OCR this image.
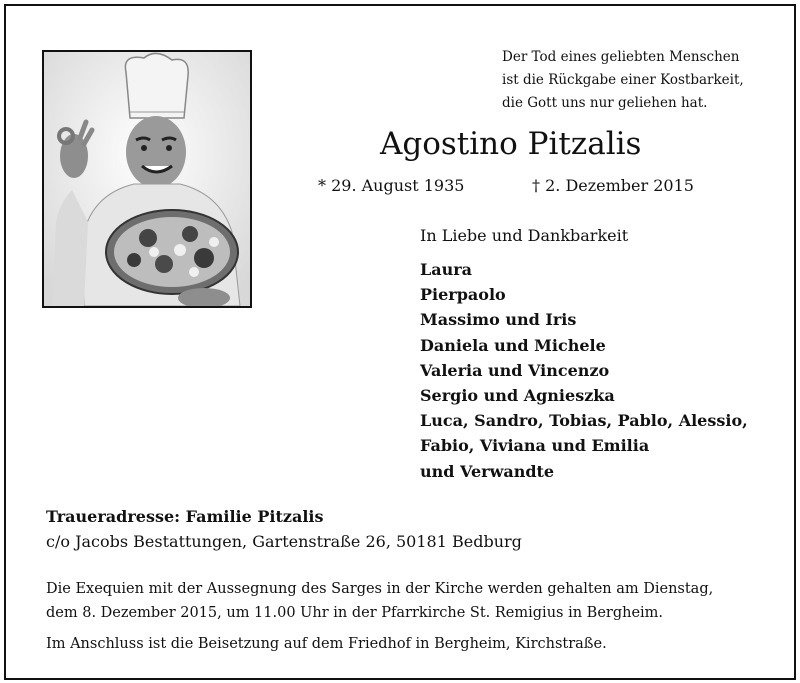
Der Tod eines geliebten Menschen
ist die Rückgabe einer Kostbarkeit,
die Gott uns nur geliehen hat.
Agostino Pitzalis
* 29. August 1935	† 2. Dezember 2015
In Liebe und Dankbarkeit
Laura
Pierpaolo
Massimo und Iris
Daniela und Michele
Valeria und Vincenzo
Sergio und Agnieszka
Luca, Sandro, Tobias, Pablo, Alessio,
Fabio, Viviana und Emilia
und Verwandte
Traueradresse: Familie Pitzalis
c/o Jacobs Bestattungen, Gartenstraße 26, 50181 Bedburg
Die Exequien mit der Aussegnung des Sarges in der Kirche werden gehalten am Dienstag,
dem 8. Dezember 2015, um 11.00 Uhr in der Pfarrkirche St. Remigius in Bergheim.
Im Anschluss ist die Beisetzung auf dem Friedhof in Bergheim, Kirchstraße.
